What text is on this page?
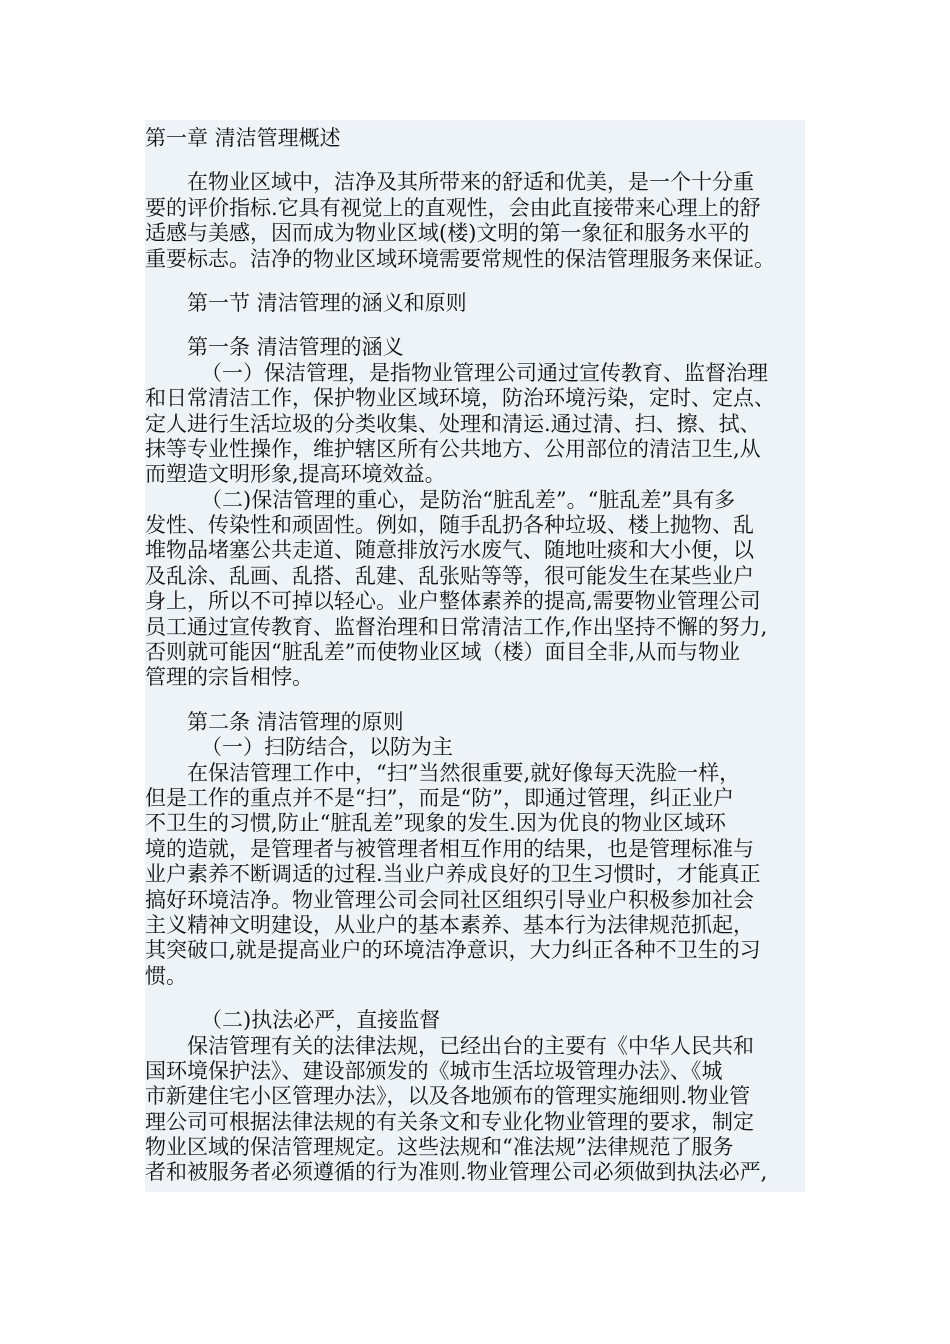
第一章 清洁管理概述
在物业区域中，洁净及其所带来的舒适和优美，是一个十分重
要的评价指标.它具有视觉上的直观性，会由此直接带来心理上的舒
适感与美感，因而成为物业区域(楼)文明的第一象征和服务水平的
重要标志。洁净的物业区域环境需要常规性的保洁管理服务来保证。
第一节 清洁管理的涵义和原则
第一条 清洁管理的涵义
（一）保洁管理，是指物业管理公司通过宣传教育、监督治理
和日常清洁工作，保护物业区域环境，防治环境污染，定时、定点、
定人进行生活垃圾的分类收集、处理和清运.通过清、扫、擦、拭、
抹等专业性操作，维护辖区所有公共地方、公用部位的清洁卫生,从
而塑造文明形象,提高环境效益。
（二)保洁管理的重心，是防治“脏乱差”。“脏乱差”具有多
发性、传染性和顽固性。例如，随手乱扔各种垃圾、楼上抛物、乱
堆物品堵塞公共走道、随意排放污水废气、随地吐痰和大小便，以
及乱涂、乱画、乱搭、乱建、乱张贴等等，很可能发生在某些业户
身上，所以不可掉以轻心。业户整体素养的提高,需要物业管理公司
员工通过宣传教育、监督治理和日常清洁工作,作出坚持不懈的努力,
否则就可能因“脏乱差”而使物业区域（楼）面目全非,从而与物业
管理的宗旨相悖。
第二条 清洁管理的原则
（一）扫防结合，以防为主
在保洁管理工作中，“扫”当然很重要,就好像每天洗脸一样，
但是工作的重点并不是“扫”，而是“防”，即通过管理，纠正业户
不卫生的习惯,防止“脏乱差”现象的发生.因为优良的物业区域环
境的造就，是管理者与被管理者相互作用的结果，也是管理标准与
业户素养不断调适的过程.当业户养成良好的卫生习惯时，才能真正
搞好环境洁净。物业管理公司会同社区组织引导业户积极参加社会
主义精神文明建设，从业户的基本素养、基本行为法律规范抓起，
其突破口,就是提高业户的环境洁净意识，大力纠正各种不卫生的习
惯。
（二)执法必严，直接监督
保洁管理有关的法律法规，已经出台的主要有《中华人民共和
国环境保护法》、建设部颁发的《城市生活垃圾管理办法》、《城
市新建住宅小区管理办法》，以及各地颁布的管理实施细则.物业管
理公司可根据法律法规的有关条文和专业化物业管理的要求，制定
物业区域的保洁管理规定。这些法规和“准法规”法律规范了服务
者和被服务者必须遵循的行为准则.物业管理公司必须做到执法必严,
